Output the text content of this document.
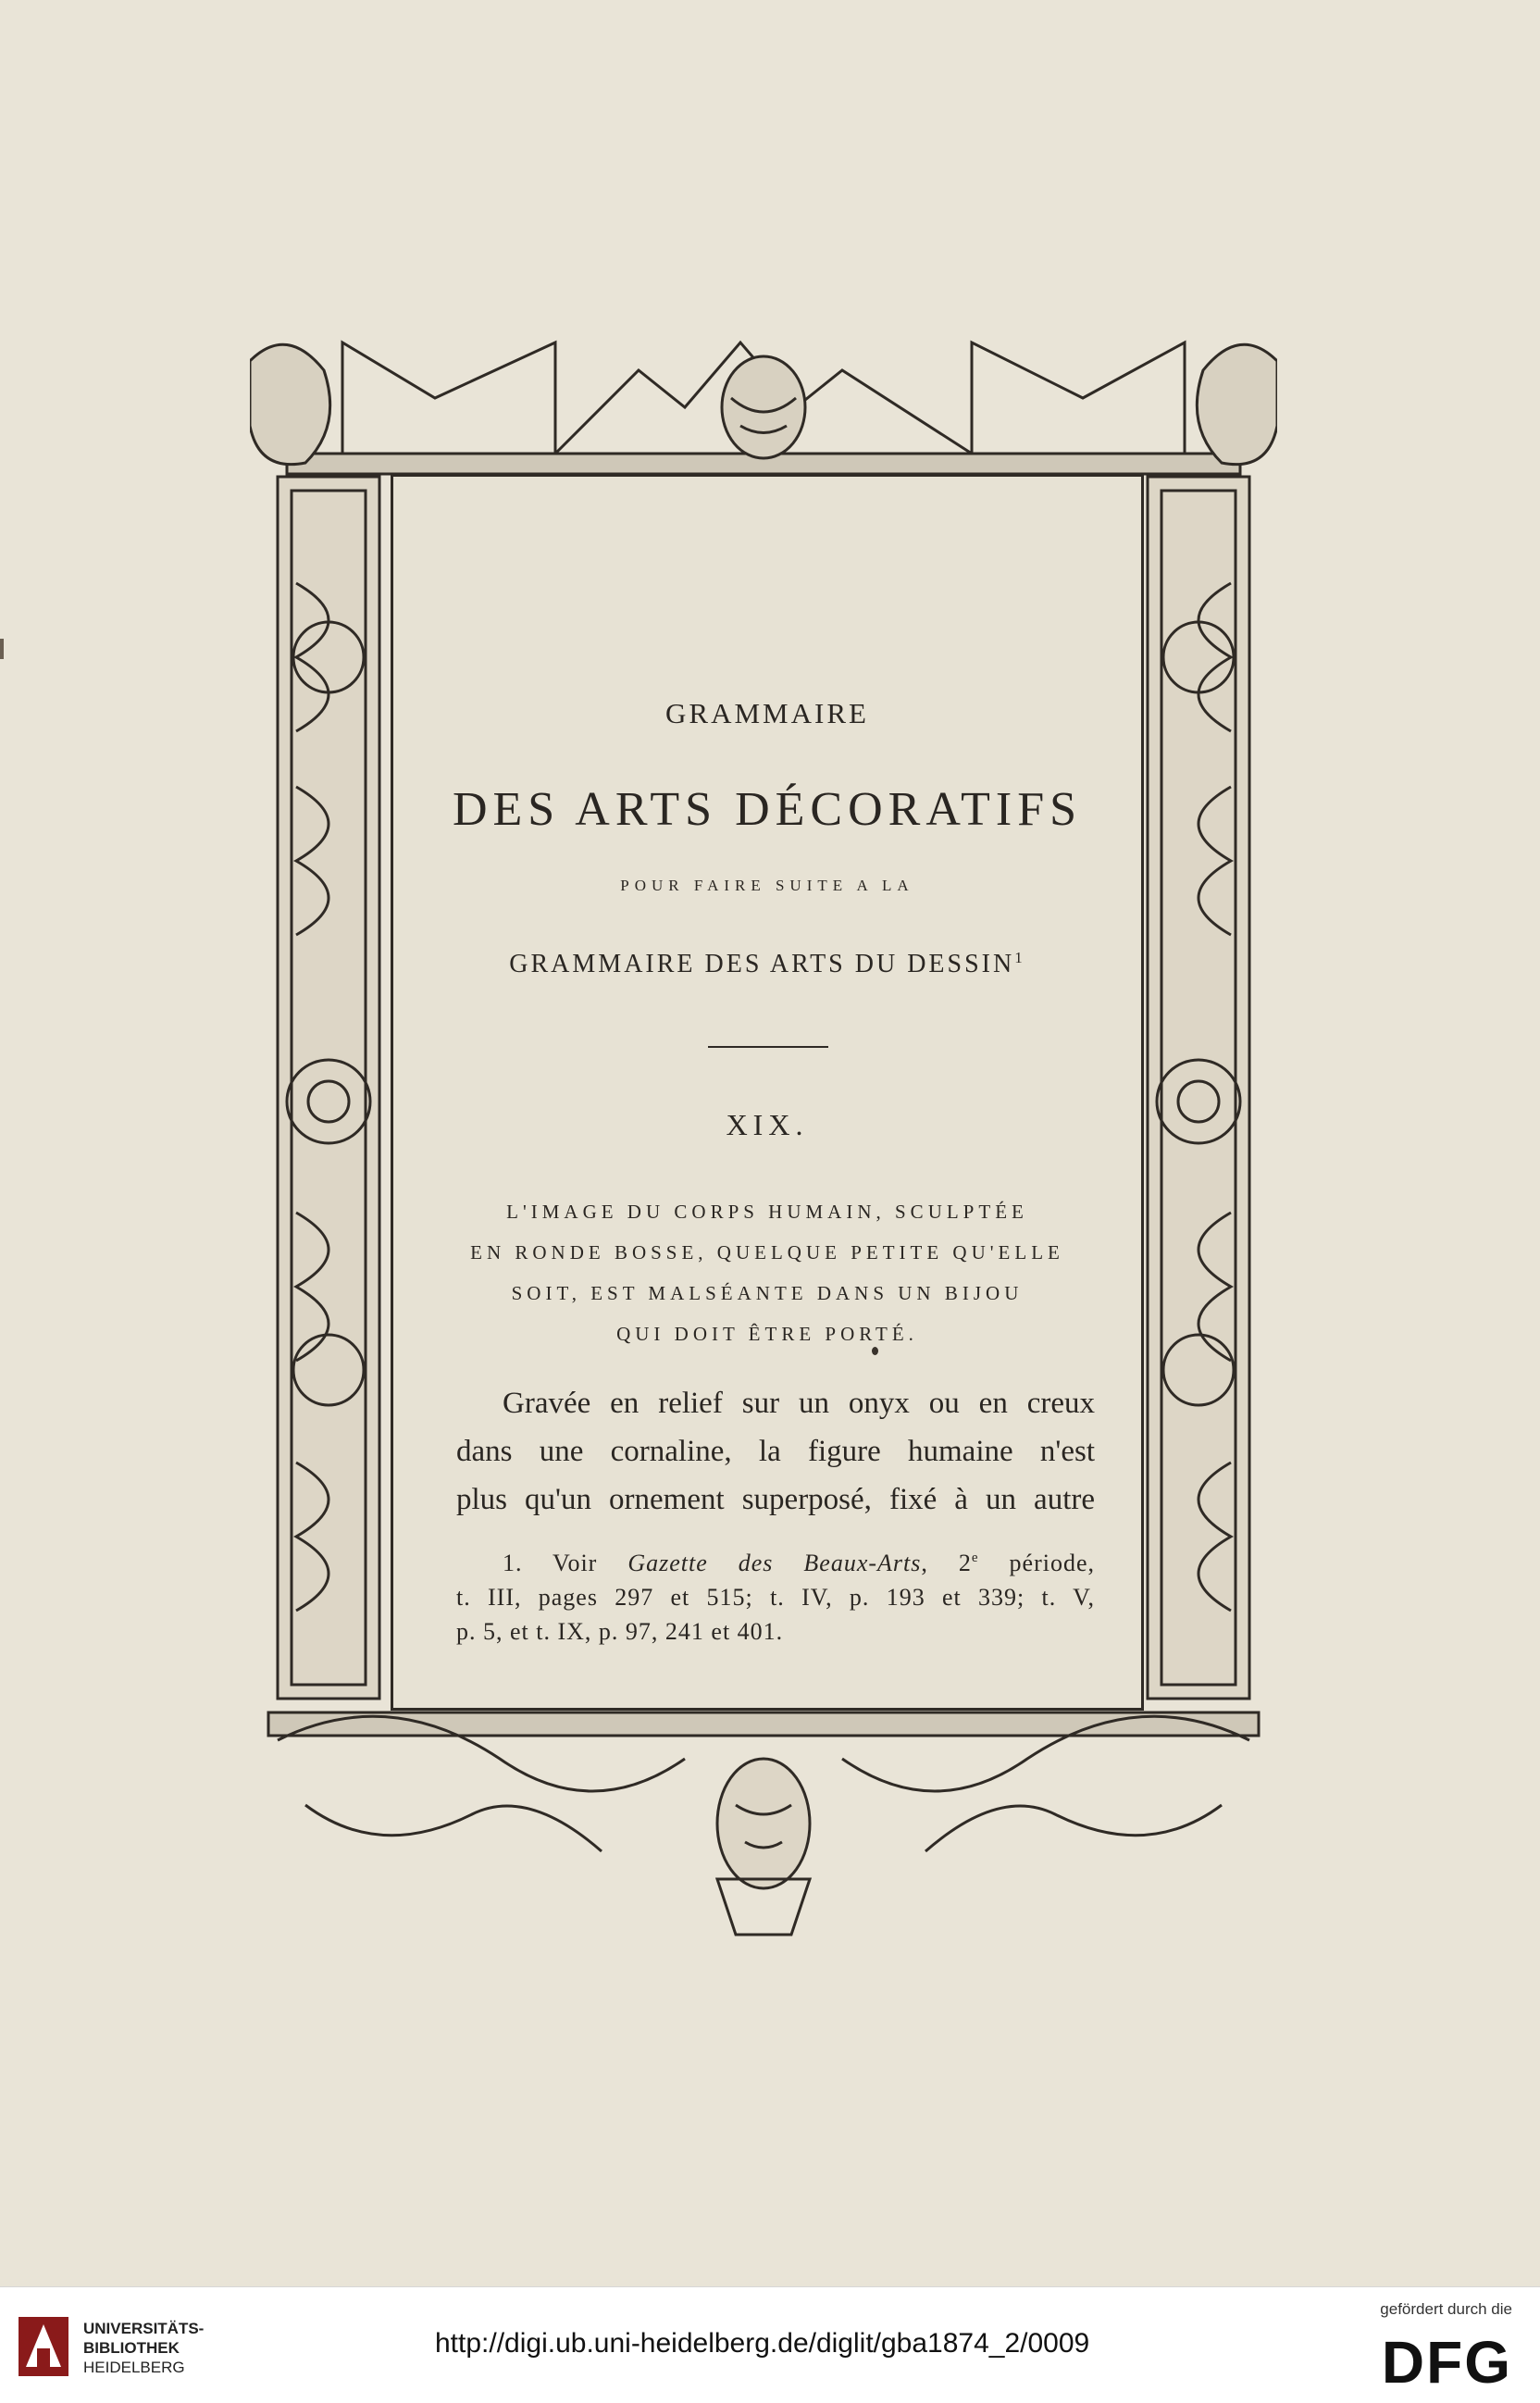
GRAMMAIRE
DES ARTS DÉCORATIFS
POUR FAIRE SUITE A LA
GRAMMAIRE DES ARTS DU DESSIN$^1$
XIX.
L'IMAGE DU CORPS HUMAIN, SCULPTÉE
EN RONDE BOSSE, QUELQUE PETITE QU'ELLE
SOIT, EST MALSÉANTE DANS UN BIJOU
QUI DOIT ÊTRE PORTÉ.
Gravée en relief sur un onyx ou en creux
dans une cornaline, la figure humaine n'est
plus qu'un ornement superposé, fixé à un autre
1. Voir Gazette des Beaux-Arts, 2e période,
t. III, pages 297 et 515; t. IV, p. 193 et 339; t. V,
p. 5, et t. IX, p. 97, 241 et 401.
UNIVERSITÄTS-
BIBLIOTHEK
HEIDELBERG
http://digi.ub.uni-heidelberg.de/diglit/gba1874_2/0009
gefördert durch die
DFG
